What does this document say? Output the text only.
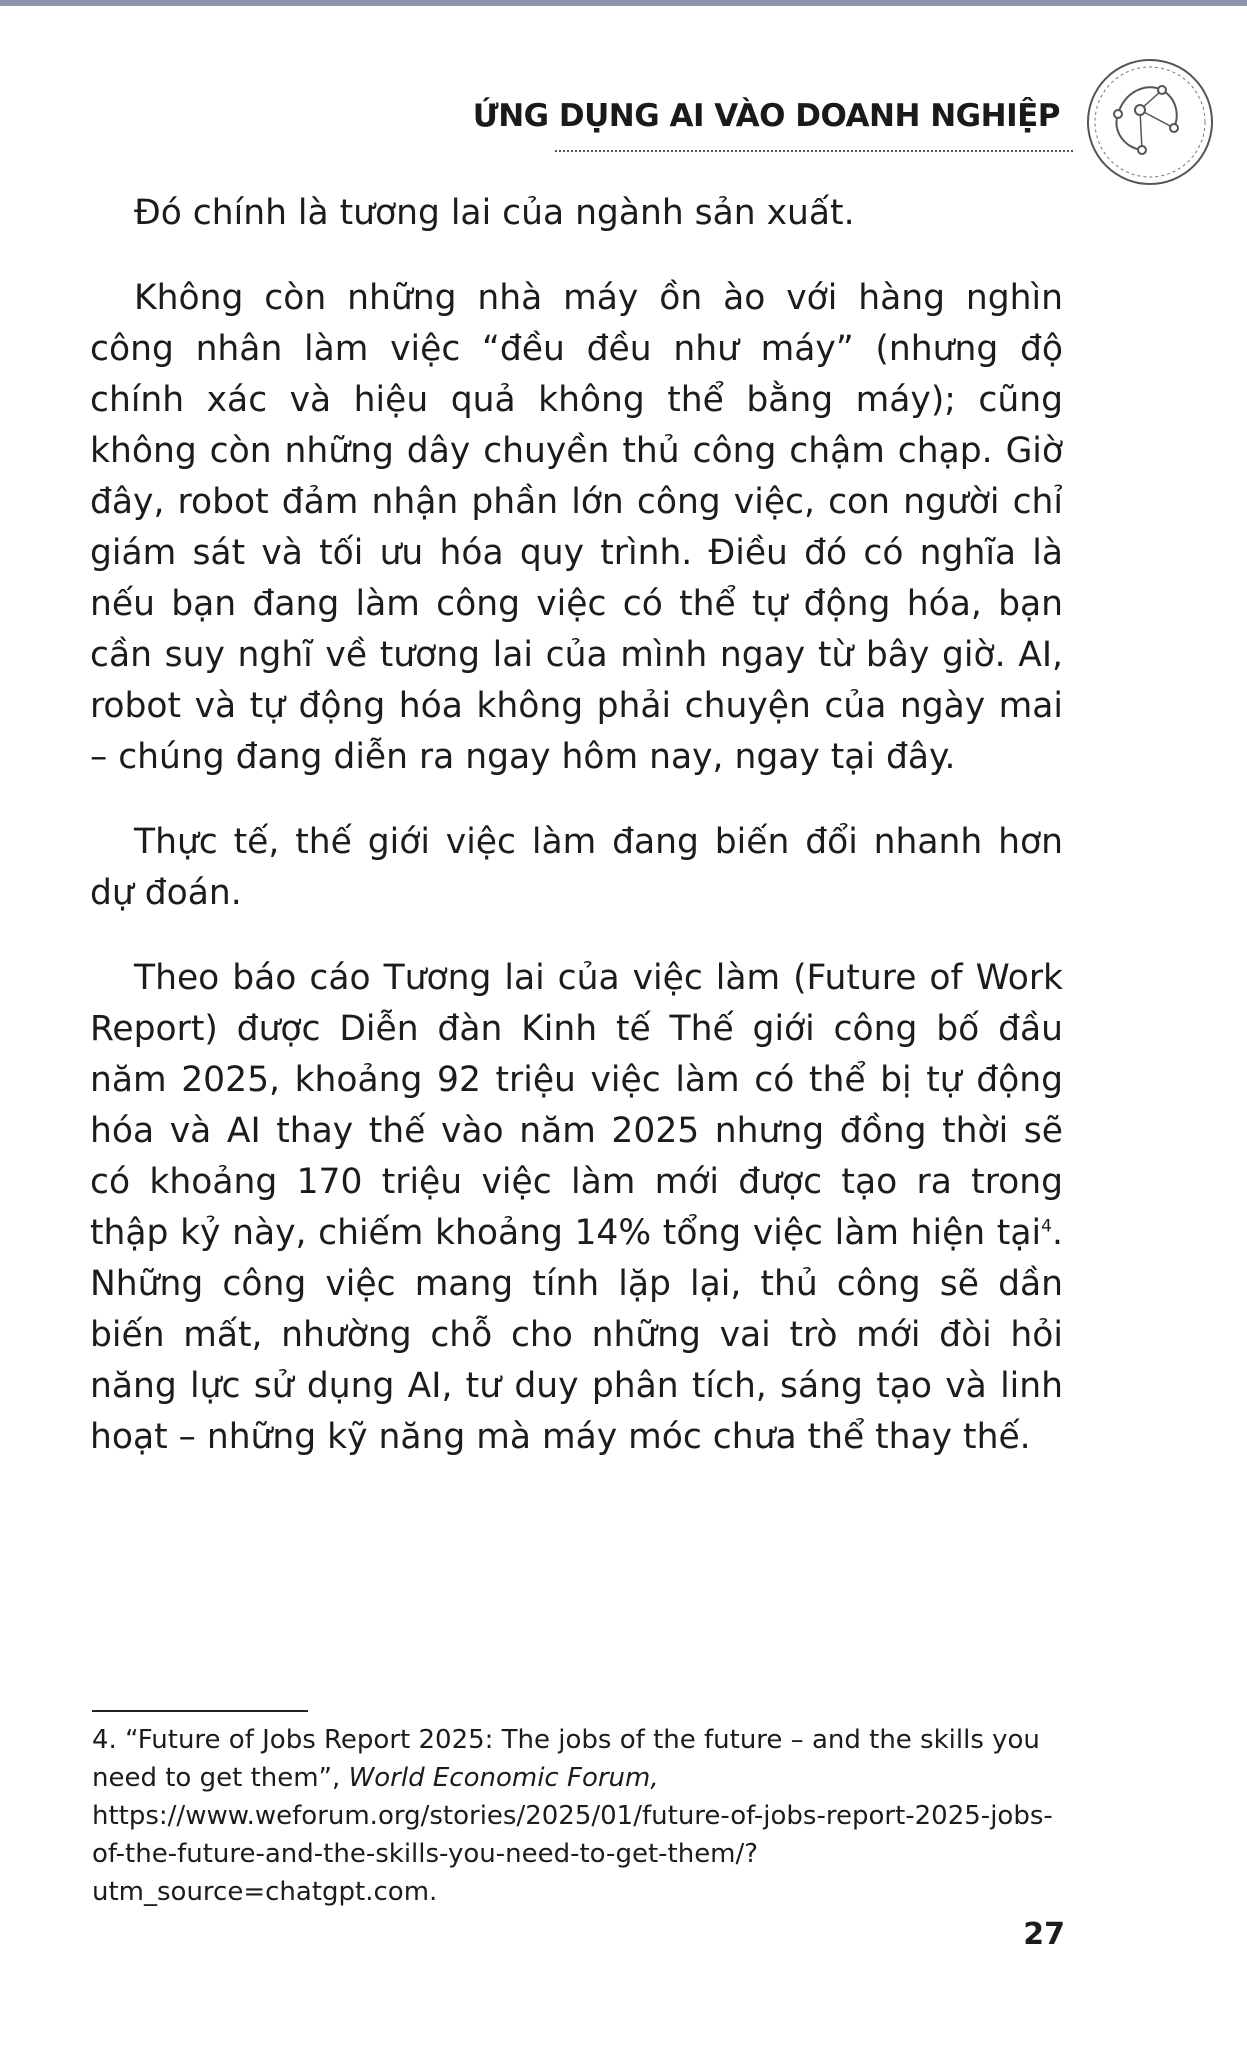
ỨNG DỤNG AI VÀO DOANH NGHIỆP

Đó chính là tương lai của ngành sản xuất.

Không còn những nhà máy ồn ào với hàng nghìn công nhân làm việc “đều đều như máy” (nhưng độ chính xác và hiệu quả không thể bằng máy); cũng không còn những dây chuyền thủ công chậm chạp. Giờ đây, robot đảm nhận phần lớn công việc, con người chỉ giám sát và tối ưu hóa quy trình. Điều đó có nghĩa là nếu bạn đang làm công việc có thể tự động hóa, bạn cần suy nghĩ về tương lai của mình ngay từ bây giờ. AI, robot và tự động hóa không phải chuyện của ngày mai – chúng đang diễn ra ngay hôm nay, ngay tại đây.

Thực tế, thế giới việc làm đang biến đổi nhanh hơn dự đoán.

Theo báo cáo Tương lai của việc làm (Future of Work Report) được Diễn đàn Kinh tế Thế giới công bố đầu năm 2025, khoảng 92 triệu việc làm có thể bị tự động hóa và AI thay thế vào năm 2025 nhưng đồng thời sẽ có khoảng 170 triệu việc làm mới được tạo ra trong thập kỷ này, chiếm khoảng 14% tổng việc làm hiện tại$^4$. Những công việc mang tính lặp lại, thủ công sẽ dần biến mất, nhường chỗ cho những vai trò mới đòi hỏi năng lực sử dụng AI, tư duy phân tích, sáng tạo và linh hoạt – những kỹ năng mà máy móc chưa thể thay thế.

4. “Future of Jobs Report 2025: The jobs of the future – and the skills you need to get them”, World Economic Forum, https://www.weforum.org/stories/2025/01/future-of-jobs-report-2025-jobs-of-the-future-and-the-skills-you-need-to-get-them/?utm_source=chatgpt.com.
27
